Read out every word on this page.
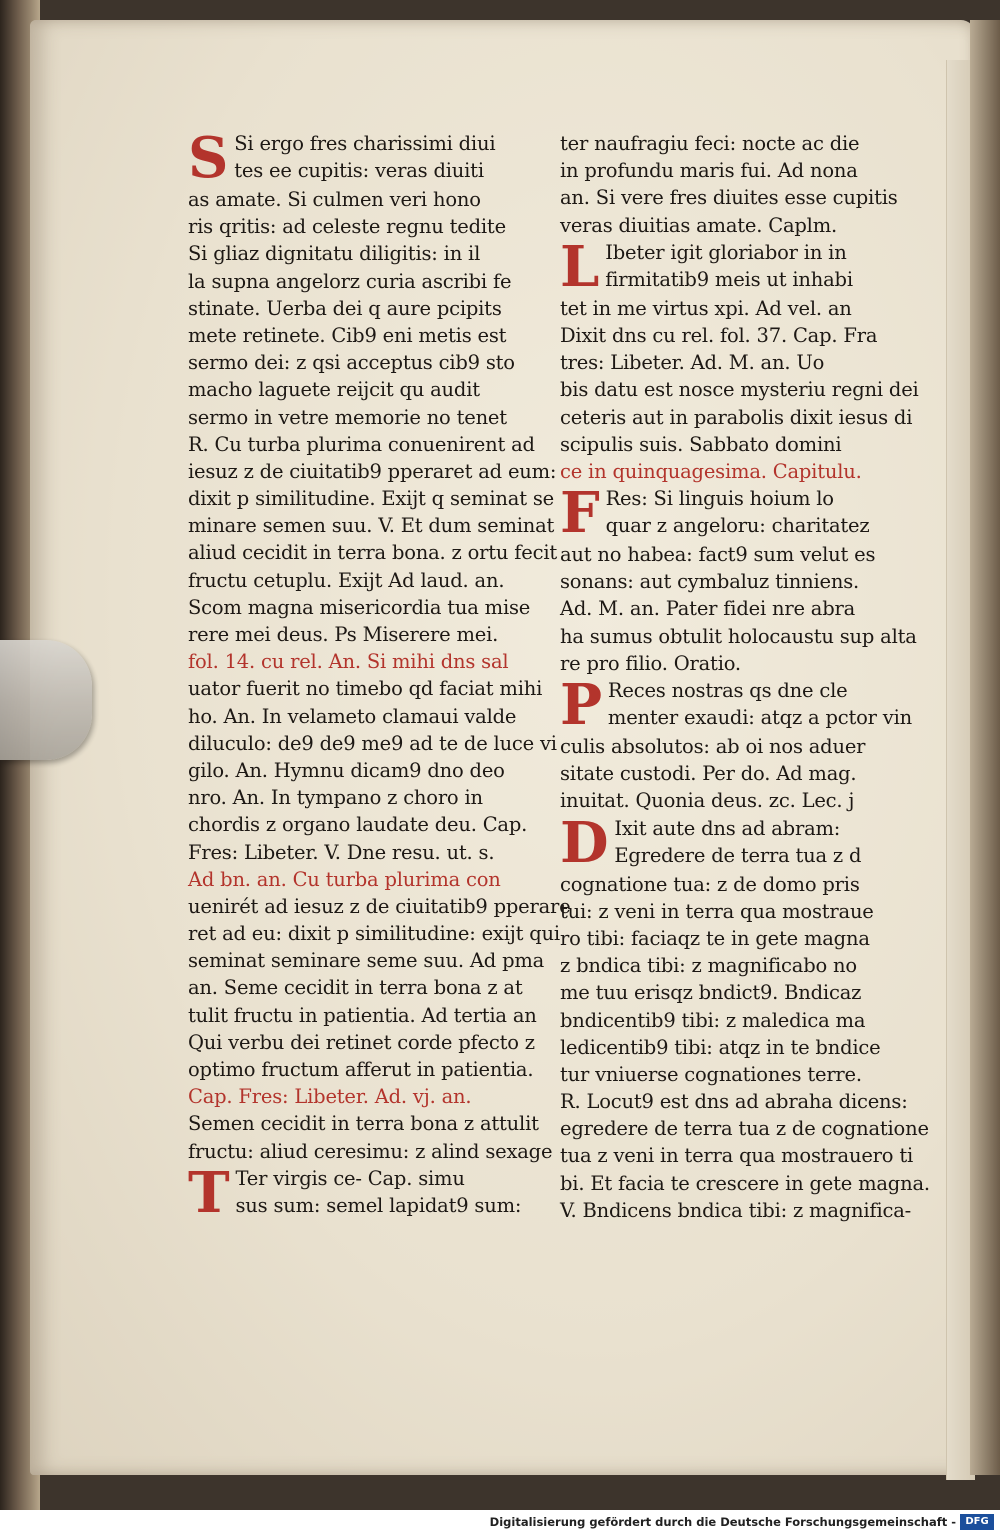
S Si ergo fres charissimi diui
tes ee cupitis: veras diuiti
as amate. Si culmen veri hono
ris qritis: ad celeste regnu tedite
Si gliaz dignitatu diligitis: in il
la supna angelorz curia ascribi fe
stinate. Uerba dei q aure pcipits
mete retinete. Cib9 eni metis est
sermo dei: z qsi acceptus cib9 sto
macho laguete reijcit qu audit
sermo in vetre memorie no tenet
R. Cu turba plurima conuenirent ad
iesuz z de ciuitatib9 pperaret ad eum:
dixit p similitudine. Exijt q seminat se
minare semen suu. V. Et dum seminat
aliud cecidit in terra bona. z ortu fecit
fructu cetuplu. Exijt Ad laud. an.
Scom magna misericordia tua mise
rere mei deus. Ps Miserere mei.
fol. 14. cu rel. An. Si mihi dns sal
uator fuerit no timebo qd faciat mihi
ho. An. In velameto clamaui valde
diluculo: de9 de9 me9 ad te de luce vi
gilo. An. Hymnu dicam9 dno deo
nro. An. In tympano z choro in
chordis z organo laudate deu. Cap.
Fres: Libeter. V. Dne resu. ut. s.
Ad bn. an. Cu turba plurima con
uenirét ad iesuz z de ciuitatib9 pperare
ret ad eu: dixit p similitudine: exijt qui
seminat seminare seme suu. Ad pma
an. Seme cecidit in terra bona z at
tulit fructu in patientia. Ad tertia an
Qui verbu dei retinet corde pfecto z
optimo fructum afferut in patientia.
Cap. Fres: Libeter. Ad. vj. an.
Semen cecidit in terra bona z attulit
fructu: aliud ceresimu: z alind sexage
T Ter virgis ce- Cap. simu
sus sum: semel lapidat9 sum:
ter naufragiu feci: nocte ac die
in profundu maris fui. Ad nona
an. Si vere fres diuites esse cupitis
veras diuitias amate. Caplm.
L Ibeter igit gloriabor in in
firmitatib9 meis ut inhabi
tet in me virtus xpi. Ad vel. an
Dixit dns cu rel. fol. 37. Cap. Fra
tres: Libeter. Ad. M. an. Uo
bis datu est nosce mysteriu regni dei
ceteris aut in parabolis dixit iesus di
scipulis suis. Sabbato domini
ce in quinquagesima. Capitulu.
F Res: Si linguis hoium lo
quar z angeloru: charitatez
aut no habea: fact9 sum velut es
sonans: aut cymbaluz tinniens.
Ad. M. an. Pater fidei nre abra
ha sumus obtulit holocaustu sup alta
re pro filio. Oratio.
P Reces nostras qs dne cle
menter exaudi: atqz a pctor vin
culis absolutos: ab oi nos aduer
sitate custodi. Per do. Ad mag.
inuitat. Quonia deus. zc. Lec. j
D Ixit aute dns ad abram:
Egredere de terra tua z d
cognatione tua: z de domo pris
tui: z veni in terra qua mostraue
ro tibi: faciaqz te in gete magna
z bndica tibi: z magnificabo no
me tuu erisqz bndict9. Bndicaz
bndicentib9 tibi: z maledica ma
ledicentib9 tibi: atqz in te bndice
tur vniuerse cognationes terre.
R. Locut9 est dns ad abraha dicens:
egredere de terra tua z de cognatione
tua z veni in terra qua mostrauero ti
bi. Et facia te crescere in gete magna.
V. Bndicens bndica tibi: z magnifica-
Digitalisierung gefördert durch die Deutsche Forschungsgemeinschaft - DFG
